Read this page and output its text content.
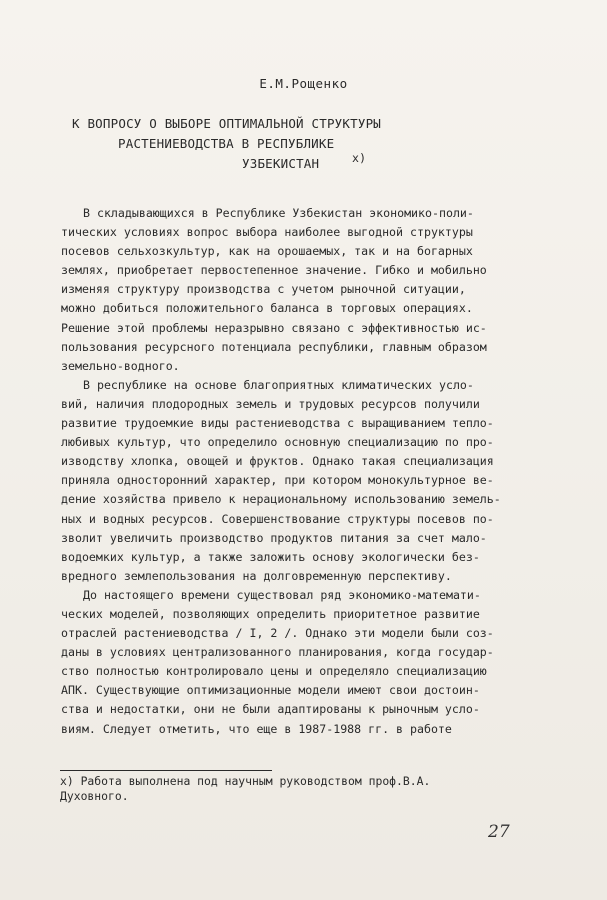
Е.М.Рощенко
К ВОПРОСУ О ВЫБОРЕ ОПТИМАЛЬНОЙ СТРУКТУРЫ
РАСТЕНИЕВОДСТВА В РЕСПУБЛИКЕ
УЗБЕКИСТАН	х)
В складывающихся в Республике Узбекистан экономико-поли-
тических условиях вопрос выбора наиболее выгодной структуры
посевов сельхозкультур, как на орошаемых, так и на богарных
землях, приобретает первостепенное значение. Гибко и мобильно
изменяя структуру производства с учетом рыночной ситуации,
можно добиться положительного баланса в торговых операциях.
Решение этой проблемы неразрывно связано с эффективностью ис-
пользования ресурсного потенциала республики, главным образом
земельно-водного.
В республике на основе благоприятных климатических усло-
вий, наличия плодородных земель и трудовых ресурсов получили
развитие трудоемкие виды растениеводства с выращиванием тепло-
любивых культур, что определило основную специализацию по про-
изводству хлопка, овощей и фруктов. Однако такая специализация
приняла односторонний характер, при котором монокультурное ве-
дение хозяйства привело к нерациональному использованию земель-
ных и водных ресурсов. Совершенствование структуры посевов по-
зволит увеличить производство продуктов питания за счет мало-
водоемких культур, а также заложить основу экологически без-
вредного землепользования на долговременную перспективу.
До настоящего времени существовал ряд экономико-математи-
ческих моделей, позволяющих определить приоритетное развитие
отраслей растениеводства / I, 2 /. Однако эти модели были соз-
даны в условиях централизованного планирования, когда государ-
ство полностью контролировало цены и определяло специализацию
АПК. Существующие оптимизационные модели имеют свои достоин-
ства и недостатки, они не были адаптированы к рыночным усло-
виям. Следует отметить, что еще в 1987-1988 гг. в работе
х) Работа выполнена под научным руководством проф.В.А.
Духовного.
27
